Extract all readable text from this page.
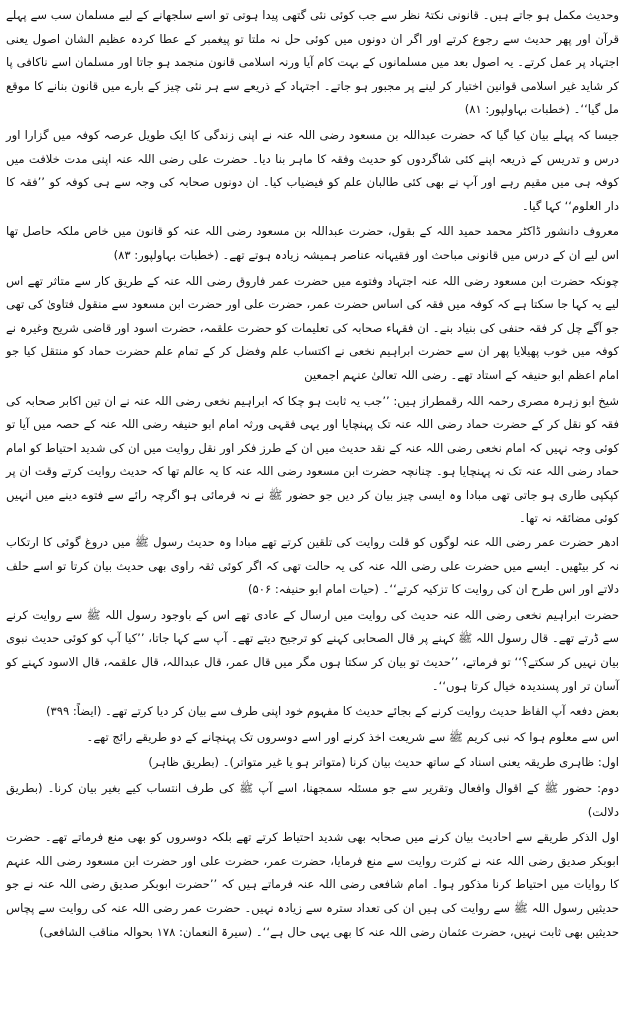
وحدیث مکمل ہو جاتے ہیں۔ قانونی نکتۂ نظر سے جب کوئی نئی گتھی پیدا ہوتی تو اسے سلجھانے کے لیے مسلمان سب سے پہلے قرآن اور پھر حدیث سے رجوع کرتے اور اگر ان دونوں میں کوئی حل نہ ملتا تو پیغمبر کے عطا کردہ عظیم الشان اصول یعنی اجتہاد پر عمل کرتے۔ یہ اصول بعد میں مسلمانوں کے بہت کام آیا ورنہ اسلامی قانون منجمد ہو جاتا اور مسلمان اسے ناکافی پا کر شاید غیر اسلامی قوانین اختیار کر لینے پر مجبور ہو جاتے۔ اجتہاد کے ذریعے سے ہر نئی چیز کے بارے میں قانون بنانے کا موقع مل گیا‘‘۔ (خطبات بہاولپور: ۸۱)

جیسا کہ پہلے بیان کیا گیا کہ حضرت عبداللہ بن مسعود رضی اللہ عنہ نے اپنی زندگی کا ایک طویل عرصہ کوفہ میں گزارا اور درس و تدریس کے ذریعہ اپنے کئی شاگردوں کو حدیث وفقہ کا ماہر بنا دیا۔ حضرت علی رضی اللہ عنہ اپنی مدت خلافت میں کوفہ ہی میں مقیم رہے اور آپ نے بھی کئی طالبان علم کو فیضیاب کیا۔ ان دونوں صحابہ کی وجہ سے ہی کوفہ کو ’’فقہ کا دار العلوم‘‘ کہا گیا۔

معروف دانشور ڈاکٹر محمد حمید اللہ کے بقول، حضرت عبداللہ بن مسعود رضی اللہ عنہ کو قانون میں خاص ملکہ حاصل تھا اس لیے ان کے درس میں قانونی مباحث اور فقیہانہ عناصر ہمیشہ زیادہ ہوتے تھے۔ (خطبات بہاولپور: ۸۳)

چونکہ حضرت ابن مسعود رضی اللہ عنہ اجتہاد وفتوے میں حضرت عمر فاروق رضی اللہ عنہ کے طریق کار سے متاثر تھے اس لیے یہ کہا جا سکتا ہے کہ کوفہ میں فقہ کی اساس حضرت عمر، حضرت علی اور حضرت ابن مسعود سے منقول فتاویٰ کی تھی جو آگے چل کر فقہ حنفی کی بنیاد بنے۔ ان فقہاء صحابہ کی تعلیمات کو حضرت علقمہ، حضرت اسود اور قاضی شریح وغیرہ نے کوفہ میں خوب پھیلایا پھر ان سے حضرت ابراہیم نخعی نے اکتساب علم وفضل کر کے تمام علم حضرت حماد کو منتقل کیا جو امام اعظم ابو حنیفہ کے استاد تھے۔ رضی اللہ تعالیٰ عنہم اجمعین

شیخ ابو زہرہ مصری رحمہ اللہ رقمطراز ہیں: ’’جب یہ ثابت ہو چکا کہ ابراہیم نخعی رضی اللہ عنہ نے ان تین اکابر صحابہ کی فقہ کو نقل کر کے حضرت حماد رضی اللہ عنہ تک پہنچایا اور یہی فقہی ورثہ امام ابو حنیفہ رضی اللہ عنہ کے حصہ میں آیا تو کوئی وجہ نہیں کہ امام نخعی رضی اللہ عنہ کے نقد حدیث میں ان کے طرز فکر اور نقل روایت میں ان کی شدید احتیاط کو امام حماد رضی اللہ عنہ تک نہ پہنچایا ہو۔ چنانچہ حضرت ابن مسعود رضی اللہ عنہ کا یہ عالم تھا کہ حدیث روایت کرتے وقت ان پر کپکپی طاری ہو جاتی تھی مبادا وہ ایسی چیز بیان کر دیں جو حضور ﷺ نے نہ فرمائی ہو اگرچہ رائے سے فتوے دینے میں انہیں کوئی مضائقہ نہ تھا۔

ادھر حضرت عمر رضی اللہ عنہ لوگوں کو قلت روایت کی تلقین کرتے تھے مبادا وہ حدیث رسول ﷺ میں دروغ گوئی کا ارتکاب نہ کر بیٹھیں۔ ایسے میں حضرت علی رضی اللہ عنہ کی یہ حالت تھی کہ اگر کوئی ثقہ راوی بھی حدیث بیان کرتا تو اسے حلف دلاتے اور اس طرح ان کی روایت کا تزکیہ کرتے‘‘۔ (حیات امام ابو حنیفہ: ۵۰۶)

حضرت ابراہیم نخعی رضی اللہ عنہ حدیث کی روایت میں ارسال کے عادی تھے اس کے باوجود رسول اللہ ﷺ سے روایت کرنے سے ڈرتے تھے۔ قال رسول اللہ ﷺ کہنے پر قال الصحابی کہنے کو ترجیح دیتے تھے۔ آپ سے کہا جاتا، ’’کیا آپ کو کوئی حدیث نبوی بیان نہیں کر سکتے؟‘‘ تو فرماتے، ’’حدیث تو بیان کر سکتا ہوں مگر میں قال عمر، قال عبداللہ، قال علقمہ، قال الاسود کہنے کو آسان تر اور پسندیدہ خیال کرتا ہوں‘‘۔

بعض دفعہ آپ الفاظ حدیث روایت کرنے کے بجائے حدیث کا مفہوم خود اپنی طرف سے بیان کر دیا کرتے تھے۔ (ایضاً: ۳۹۹)

اس سے معلوم ہوا کہ نبی کریم ﷺ سے شریعت اخذ کرنے اور اسے دوسروں تک پہنچانے کے دو طریقے رائج تھے۔

اول: ظاہری طریقہ یعنی اسناد کے ساتھ حدیث بیان کرنا (متواتر ہو یا غیر متواتر)۔ (بطریق ظاہر)

دوم: حضور ﷺ کے اقوال وافعال وتقریر سے جو مسئلہ سمجھنا، اسے آپ ﷺ کی طرف انتساب کیے بغیر بیان کرنا۔ (بطریق دلالت)

اول الذکر طریقے سے احادیث بیان کرنے میں صحابہ بھی شدید احتیاط کرتے تھے بلکہ دوسروں کو بھی منع فرماتے تھے۔ حضرت ابوبکر صدیق رضی اللہ عنہ نے کثرت روایت سے منع فرمایا، حضرت عمر، حضرت علی اور حضرت ابن مسعود رضی اللہ عنہم کا روایات میں احتیاط کرنا مذکور ہوا۔ امام شافعی رضی اللہ عنہ فرماتے ہیں کہ ’’حضرت ابوبکر صدیق رضی اللہ عنہ نے جو حدیثیں رسول اللہ ﷺ سے روایت کی ہیں ان کی تعداد سترہ سے زیادہ نہیں۔ حضرت عمر رضی اللہ عنہ کی روایت سے پچاس حدیثیں بھی ثابت نہیں، حضرت عثمان رضی اللہ عنہ کا بھی یہی حال ہے‘‘۔ (سیرۃ النعمان: ۱۷۸ بحوالہ مناقب الشافعی)
